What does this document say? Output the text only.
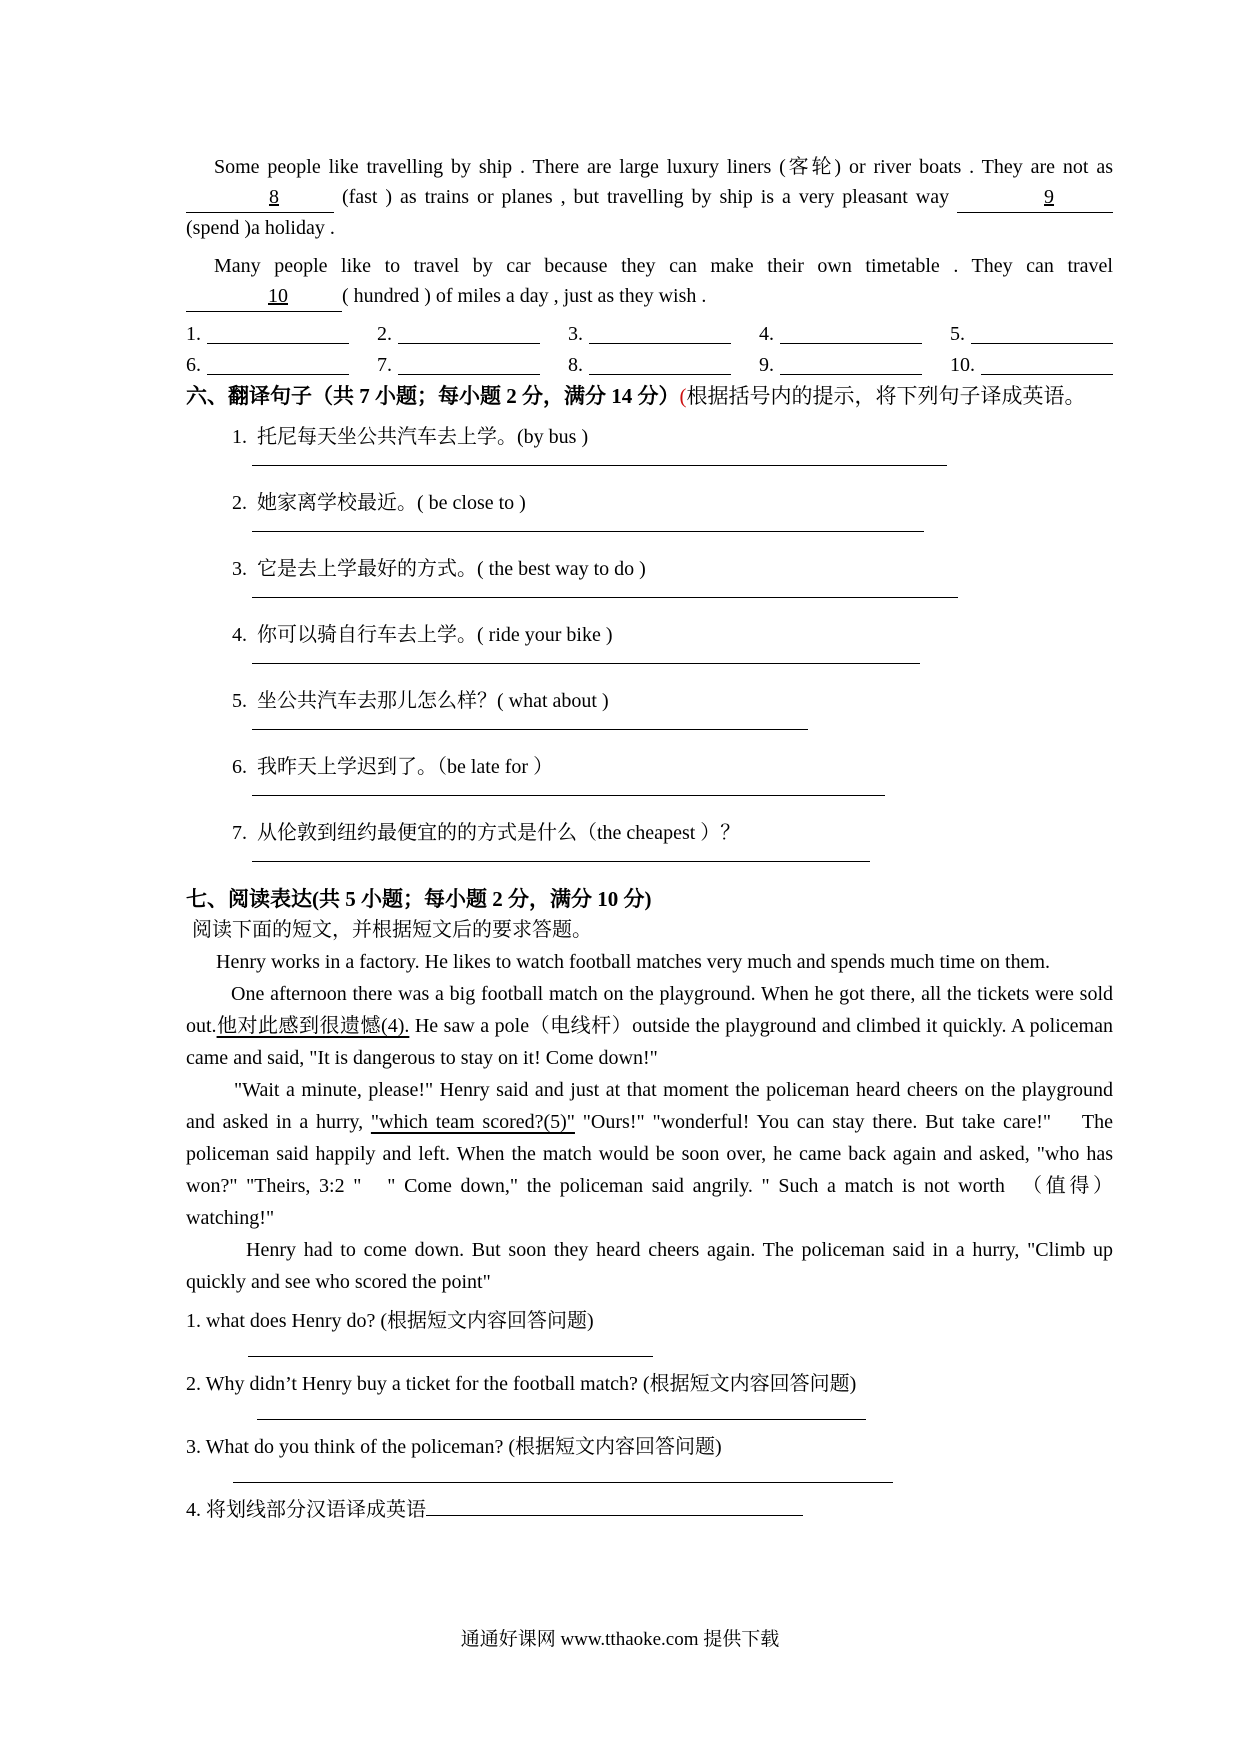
Some people like travelling by ship . There are large luxury liners (客轮) or river boats . They are not as 8	(fast ) as trains or planes , but travelling by ship is a very pleasant way	9(spend )a holiday .

Many people like to travel by car because they can make their own timetable . They can travel 10	( hundred ) of miles a day , just as they wish .

1.	2.	3.	4.	5.
6.	7.	8.	9.	10.
六、翻译句子（共 7 小题；每小题 2 分，满分 14 分）(根据括号内的提示，将下列句子译成英语。
1. 托尼每天坐公共汽车去上学。(by bus )
2. 她家离学校最近。( be close to )
3. 它是去上学最好的方式。( the best way to do )
4. 你可以骑自行车去上学。( ride your bike )
5. 坐公共汽车去那儿怎么样？( what about )
6. 我昨天上学迟到了。（be late for ）
7. 从伦敦到纽约最便宜的的方式是什么（the cheapest ）？
七、阅读表达(共 5 小题；每小题 2 分，满分 10 分)
阅读下面的短文，并根据短文后的要求答题。

Henry works in a factory. He likes to watch football matches very much and spends much time on them.

One afternoon there was a big football match on the playground. When he got there, all the tickets were sold out.他对此感到很遗憾(4). He saw a pole（电线杆）outside the playground and climbed it quickly. A policeman came and said, "It is dangerous to stay on it! Come down!"

"Wait a minute, please!" Henry said and just at that moment the policeman heard cheers on the playground and asked in a hurry, "which team scored?(5)" "Ours!" "wonderful! You can stay there. But take care!"    The policeman said happily and left. When the match would be soon over, he came back again and asked, "who has won?" "Theirs, 3:2 "   " Come down," the policeman said angrily. " Such a match is not worth  （值得）watching!"

Henry had to come down. But soon they heard cheers again. The policeman said in a hurry, "Climb up quickly and see who scored the point"

1. what does Henry do? (根据短文内容回答问题)
2. Why didn’t Henry buy a ticket for the football match? (根据短文内容回答问题)
3. What do you think of the policeman? (根据短文内容回答问题)
4. 将划线部分汉语译成英语
通通好课网 www.tthaoke.com 提供下载
